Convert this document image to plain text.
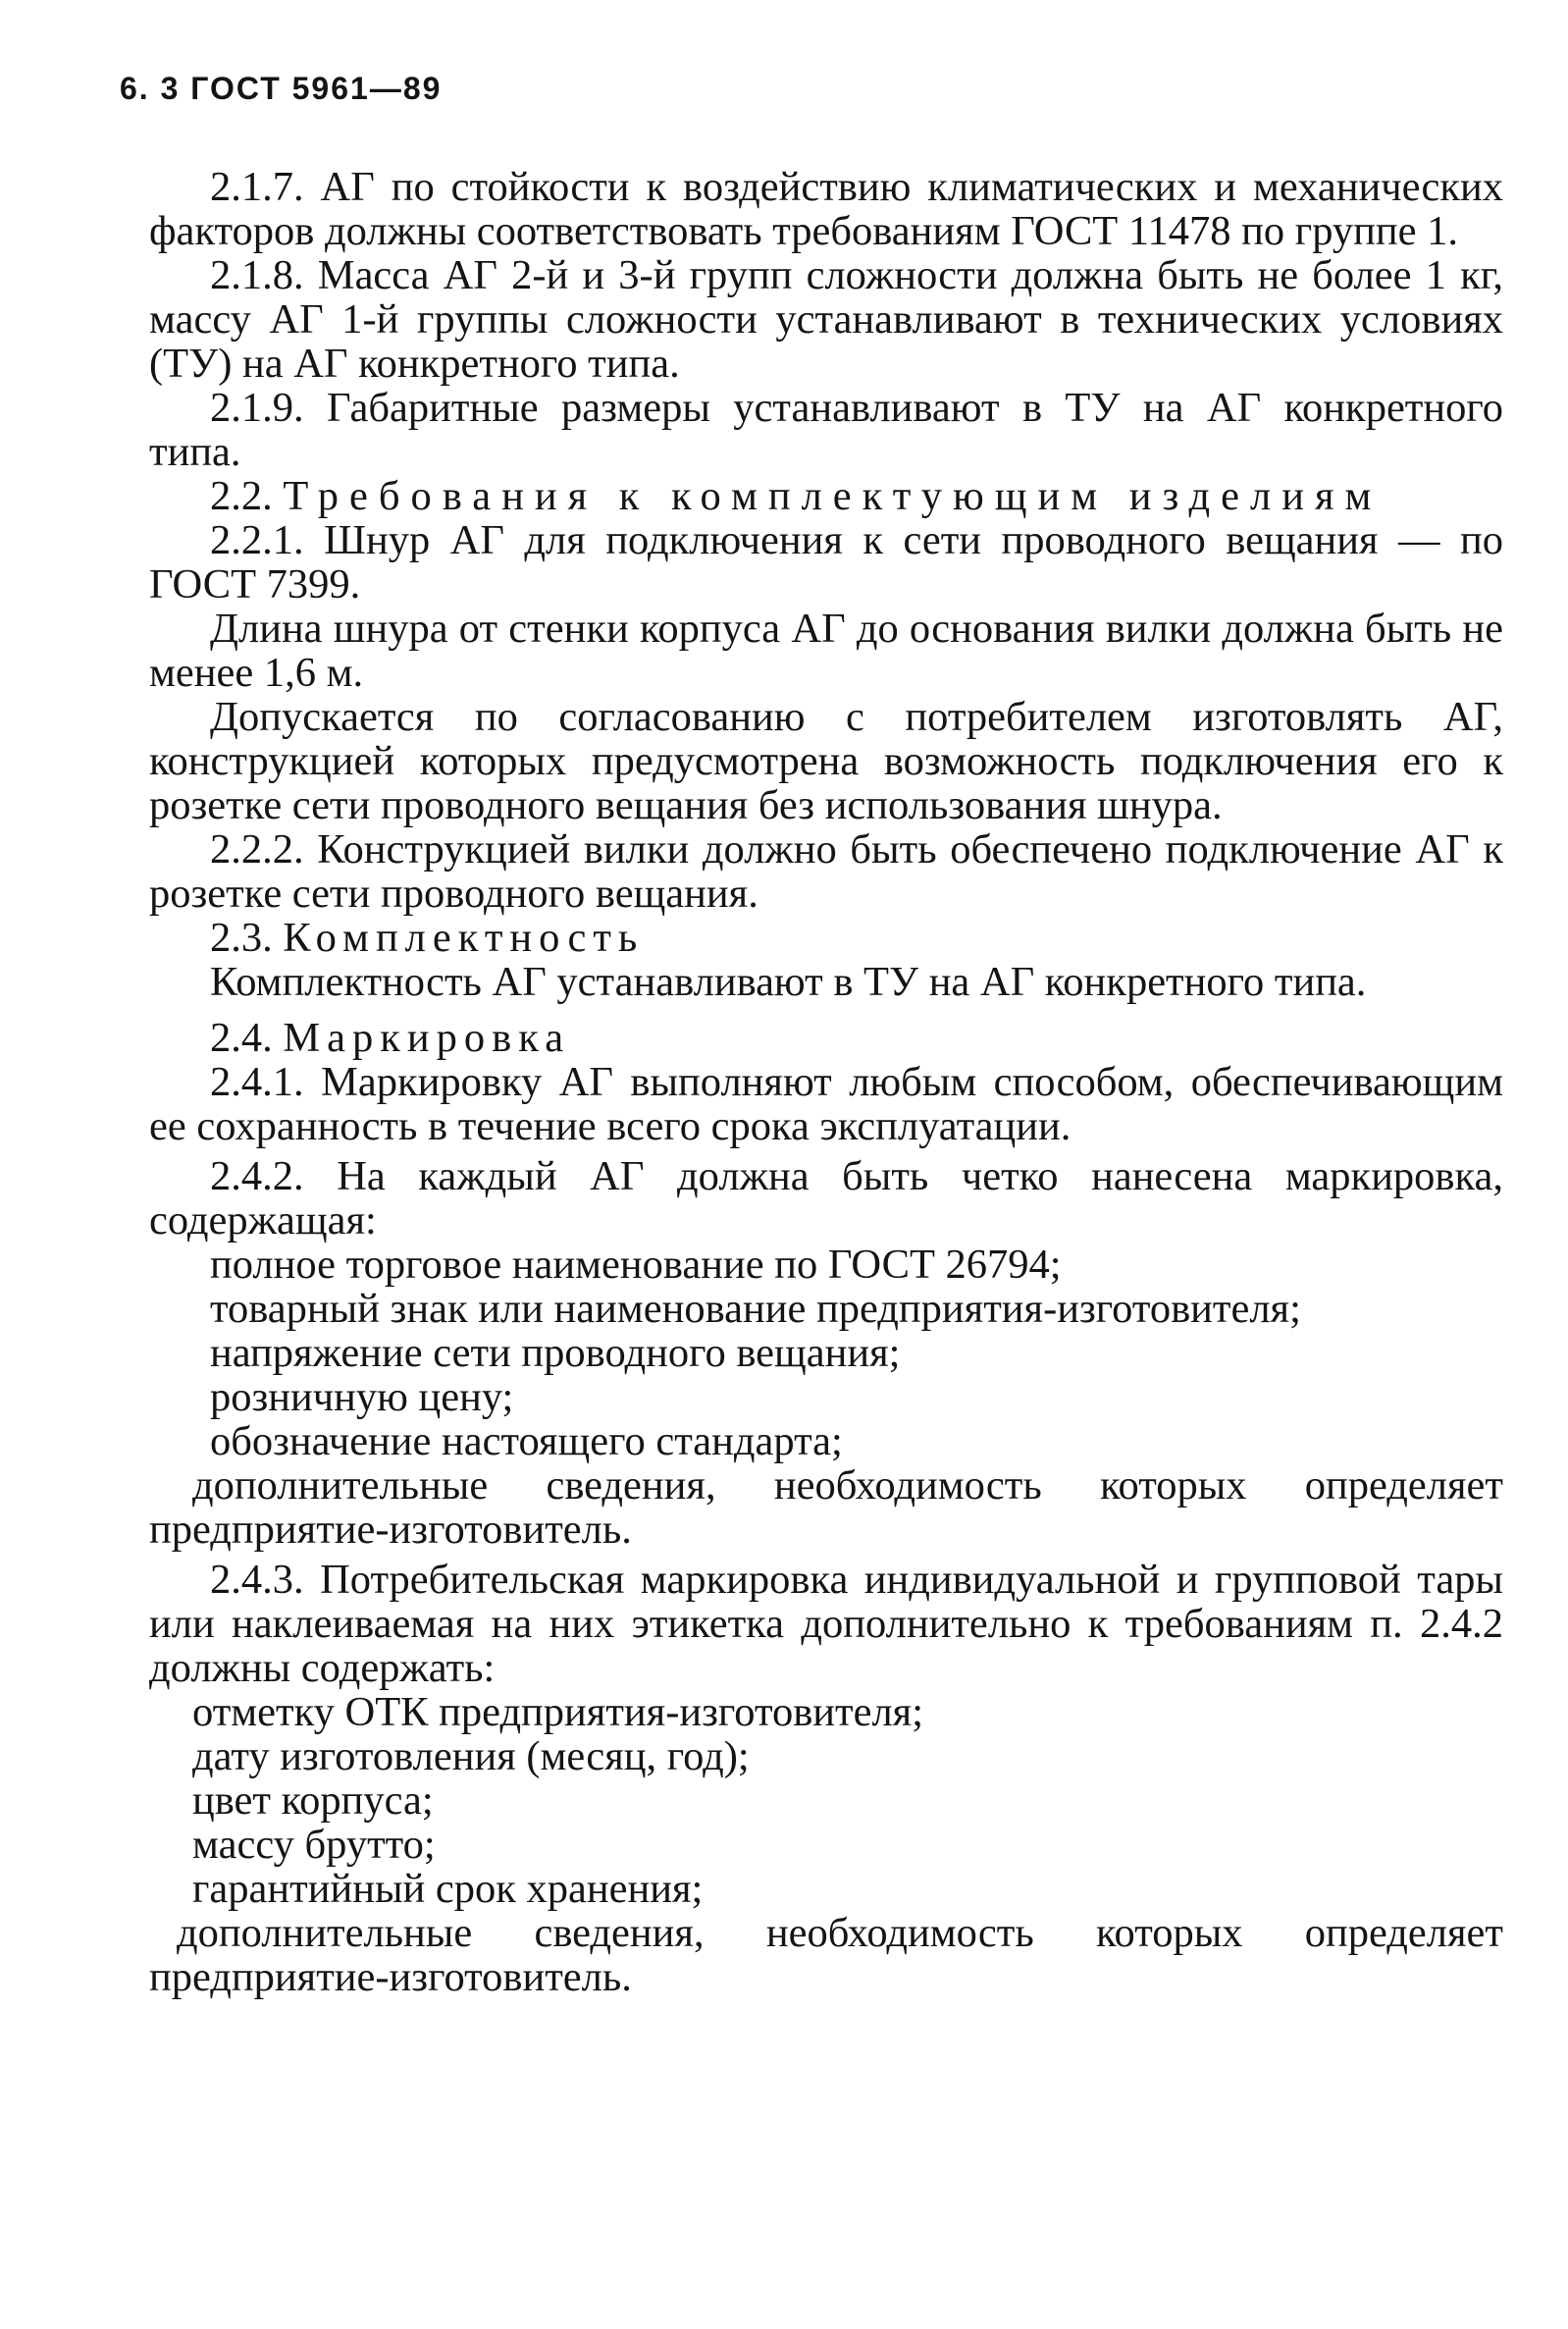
6. 3 ГОСТ 5961—89

2.1.7. АГ по стойкости к воздействию климатических и механических факторов должны соответствовать требованиям ГОСТ 11478 по группе 1.

2.1.8. Масса АГ 2-й и 3-й групп сложности должна быть не более 1 кг, массу АГ 1-й группы сложности устанавливают в технических условиях (ТУ) на АГ конкретного типа.

2.1.9. Габаритные размеры устанавливают в ТУ на АГ конкретного типа.

2.2. Требования к комплектующим изделиям

2.2.1. Шнур АГ для подключения к сети проводного вещания — по ГОСТ 7399.

Длина шнура от стенки корпуса АГ до основания вилки должна быть не менее 1,6 м.

Допускается по согласованию с потребителем изготовлять АГ, конструкцией которых предусмотрена возможность подключения его к розетке сети проводного вещания без использования шнура.

2.2.2. Конструкцией вилки должно быть обеспечено подключение АГ к розетке сети проводного вещания.

2.3. Комплектность

Комплектность АГ устанавливают в ТУ на АГ конкретного типа.

2.4. Маркировка

2.4.1. Маркировку АГ выполняют любым способом, обеспечивающим ее сохранность в течение всего срока эксплуатации.

2.4.2. На каждый АГ должна быть четко нанесена маркировка, содержащая:

полное торговое наименование по ГОСТ 26794;

товарный знак или наименование предприятия-изготовителя;

напряжение сети проводного вещания;

розничную цену;

обозначение настоящего стандарта;

дополнительные сведения, необходимость которых определяет предприятие-изготовитель.

2.4.3. Потребительская маркировка индивидуальной и групповой тары или наклеиваемая на них этикетка дополнительно к требованиям п. 2.4.2 должны содержать:

отметку ОТК предприятия-изготовителя;

дату изготовления (месяц, год);

цвет корпуса;

массу брутто;

гарантийный срок хранения;

дополнительные сведения, необходимость которых определяет предприятие-изготовитель.
